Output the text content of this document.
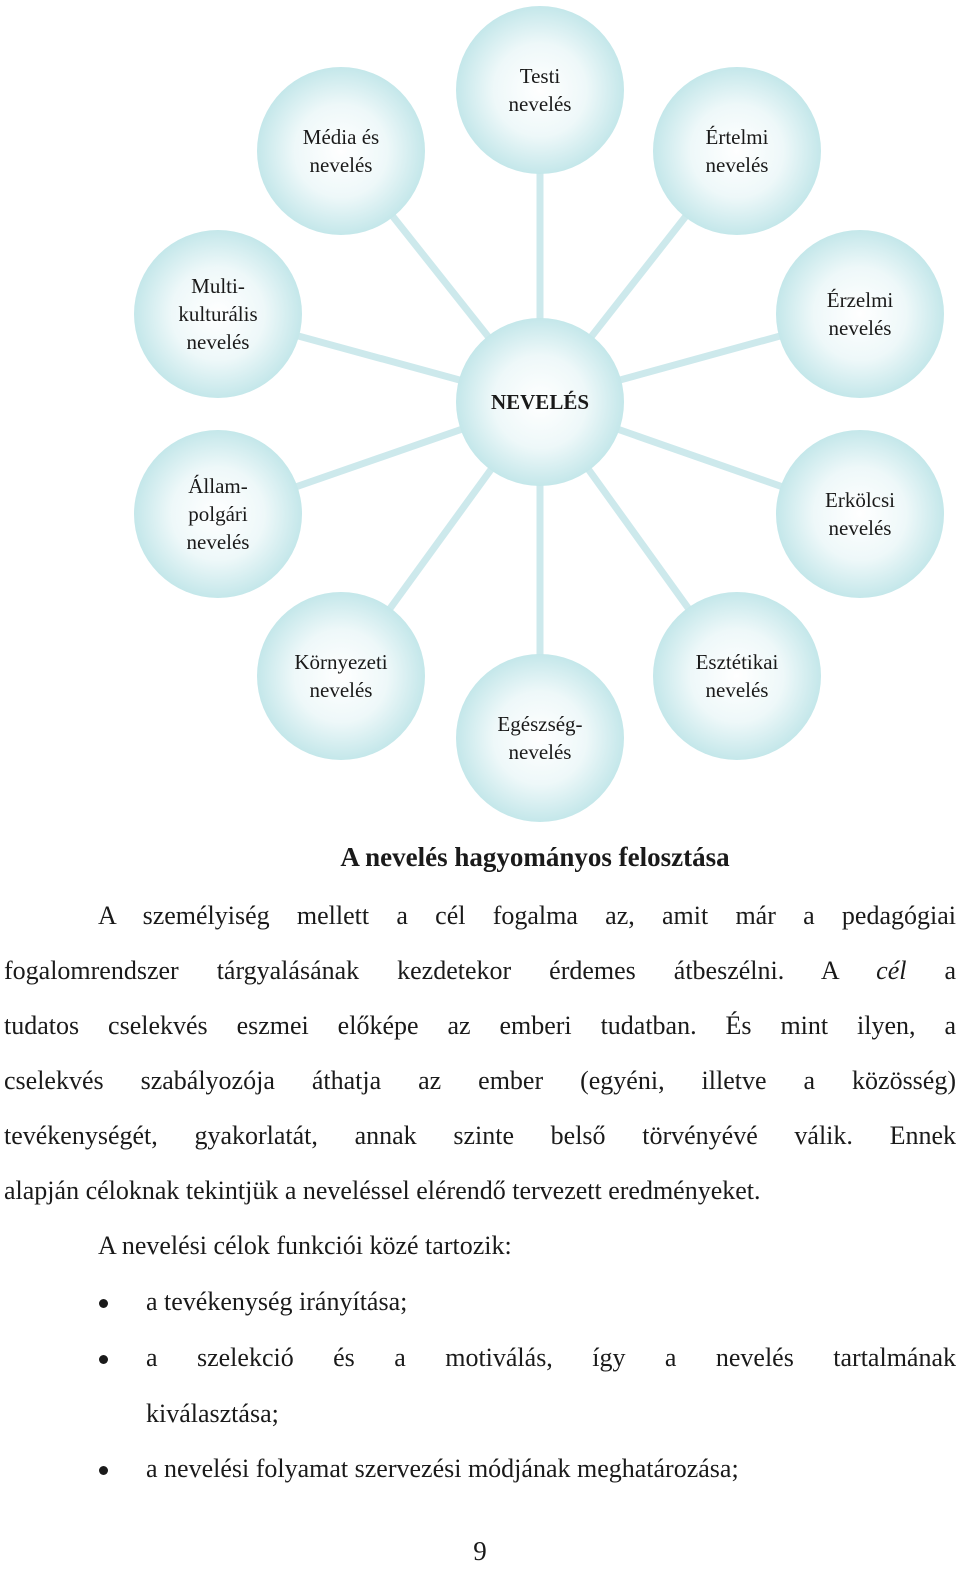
Testi
nevelés
Értelmi
nevelés
Érzelmi
nevelés
Erkölcsi
nevelés
Esztétikai
nevelés
Egészség-
nevelés
Környezeti
nevelés
Állam-
polgári
nevelés
Multi-
kulturális
nevelés
Média és
nevelés
NEVELÉS
A nevelés hagyományos felosztása
A személyiség mellett a cél fogalma az, amit már a pedagógiai
fogalomrendszer tárgyalásának kezdetekor érdemes átbeszélni. A cél a
tudatos cselekvés eszmei előképe az emberi tudatban. És mint ilyen, a
cselekvés szabályozója áthatja az ember (egyéni, illetve a közösség)
tevékenységét, gyakorlatát, annak szinte belső törvényévé válik. Ennek
alapján céloknak tekintjük a neveléssel elérendő tervezett eredményeket.
A nevelési célok funkciói közé tartozik:
a tevékenység irányítása;
a szelekció és a motiválás, így a nevelés tartalmának
kiválasztása;
a nevelési folyamat szervezési módjának meghatározása;
9
